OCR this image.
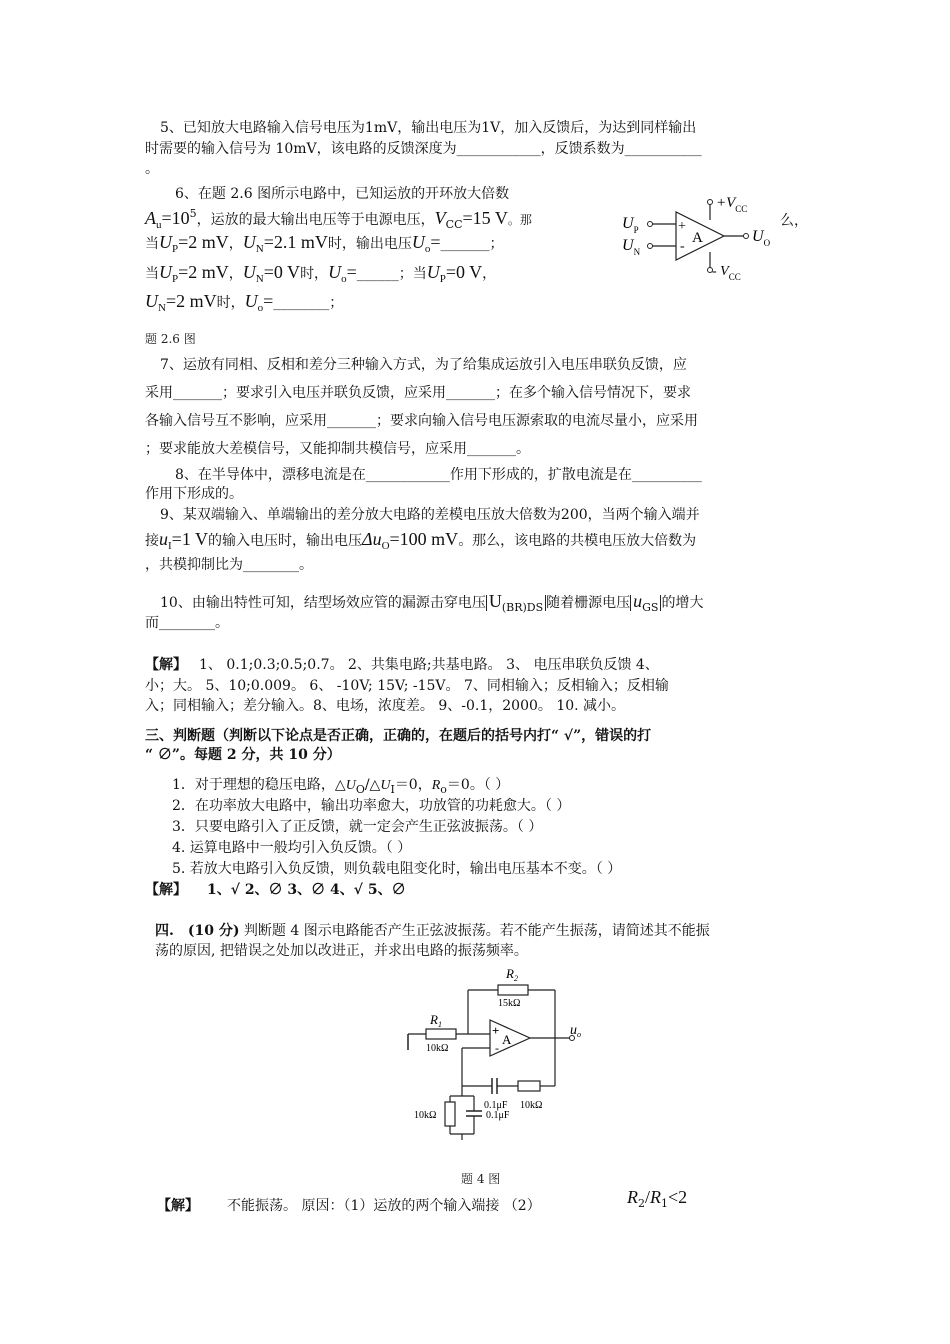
5、已知放大电路输入信号电压为1mV，输出电压为1V，加入反馈后，为达到同样输出
时需要的输入信号为 10mV，该电路的反馈深度为____________，反馈系数为___________
。
6、在题 2.6 图所示电路中，已知运放的开环放大倍数
$A_u=10^5$，运放的最大输出电压等于电源电压，$V_{CC}=15$ V。那	么，
当$U_P=2$ mV，$U_N=2.1$ mV时，输出电压$U_o=\_\_\_\_\_\_\_$；
当$U_P=2$ mV，$U_N=0$ V时，$U_o=\_\_\_\_\_\_$；当$U_P=0$ V，
$U_N=2$ mV时，$U_o=\_\_\_\_\_\_\_\_$；
题 2.6 图
$+V_{CC}$
- $V_{CC}$
+
-
A
$U_P$
$U_N$
$U_O$
7、运放有同相、反相和差分三种输入方式，为了给集成运放引入电压串联负反馈，应
采用_______；要求引入电压并联负反馈，应采用_______；在多个输入信号情况下，要求
各输入信号互不影响，应采用_______；要求向输入信号电压源索取的电流尽量小，应采用
；要求能放大差模信号，又能抑制共模信号，应采用_______。
8、在半导体中，漂移电流是在____________作用下形成的，扩散电流是在__________
作用下形成的。
9、某双端输入、单端输出的差分放大电路的差模电压放大倍数为200，当两个输入端并
接$u_I=1$ V的输入电压时，输出电压$\Delta u_O=100$ mV。那么，该电路的共模电压放大倍数为
，共模抑制比为________。
10、由输出特性可知，结型场效应管的漏源击穿电压 $U_{(BR)DS}$ 随着栅源电压 $u_{GS}$ 的增大
而________。
【解】 1、 0.1;0.3;0.5;0.7。 2、共集电路;共基电路。 3、 电压串联负反馈 4、
小；大。 5、10;0.009。 6、 -10V; 15V; -15V。 7、同相输入；反相输入；反相输
入；同相输入；差分输入。8、电场，浓度差。 9、-0.1，2000。 10. 减小。
三、判断题（判断以下论点是否正确，正确的，在题后的括号内打“ √”，错误的打
“ ∅”。每题 2 分，共 10 分）
1．对于理想的稳压电路，$\triangle U_O/\triangle U_I=0$，$R_o=0$。（ ）
2．在功率放大电路中，输出功率愈大，功放管的功耗愈大。（ ）
3．只要电路引入了正反馈，就一定会产生正弦波振荡。（ ）
4. 运算电路中一般均引入负反馈。（ ）
5. 若放大电路引入负反馈，则负载电阻变化时，输出电压基本不变。（ ）
【解】 1、√ 2、∅ 3、∅ 4、√ 5、∅
四. (10 分) 判断题 4 图示电路能否产生正弦波振荡。若不能产生振荡，请简述其不能振
荡的原因, 把错误之处加以改进正，并求出电路的振荡频率。
$R_2$
15kΩ
$R_1$
10kΩ
+
-
A
$u_o$
0.1μF 10kΩ
10kΩ	0.1μF
题 4 图
【解】 不能振荡。 原因：（1）运放的两个输入端接 （2）	$R_2/R_1<2$
